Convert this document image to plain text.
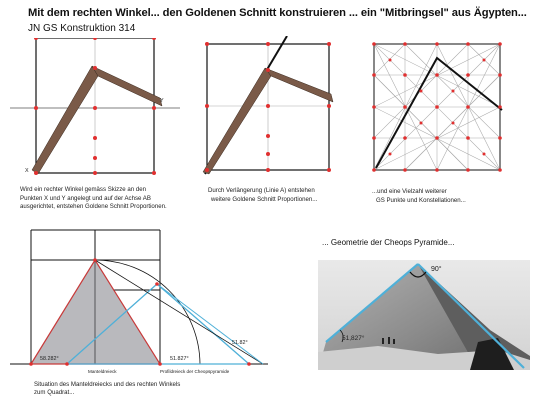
Mit dem rechten Winkel... den Goldenen Schnitt konstruieren ... ein "Mitbringsel" aus Ägypten...
JN GS Konstruktion 314
X
Y
Wird ein rechter Winkel gemäss Skizze an den
Punkten X und Y angelegt und auf der Achse AB
ausgerichtet, entstehen Goldene Schnitt Proportionen.
Durch Verlängerung (Linie A) entstehen
weitere Goldene Schnitt Proportionen...
...und eine Vielzahl weiterer
GS Punkte und Konstellationen...
58.282°	51.827°
51.82°
Manteldreieck	Profildreieck der Cheopspyramide
Situation des Manteldreiecks und des rechten Winkels
zum Quadrat...
... Geometrie der Cheops Pyramide...
90°
51,827°
